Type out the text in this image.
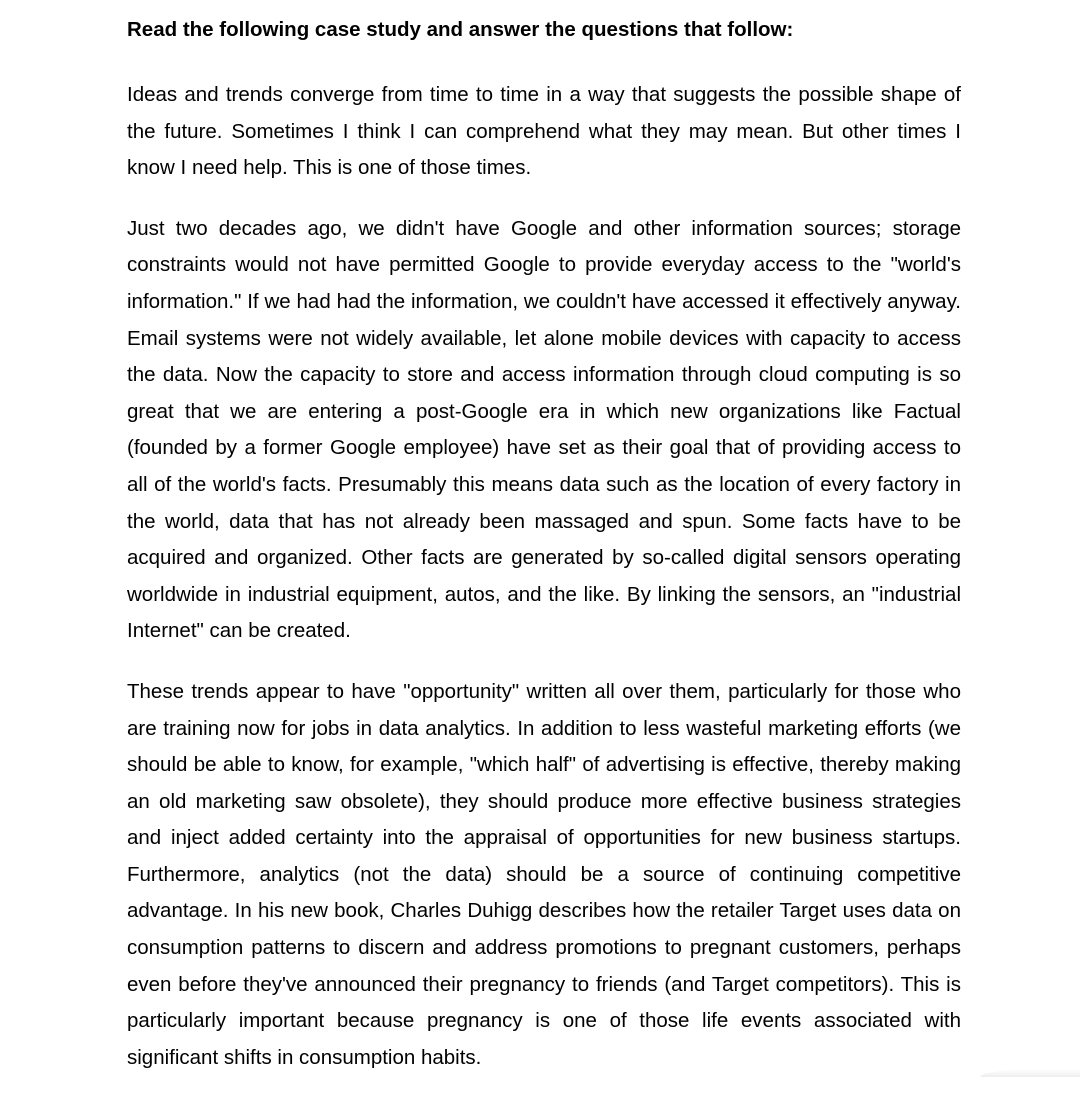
Read the following case study and answer the questions that follow:

Ideas and trends converge from time to time in a way that suggests the possible shape of the future. Sometimes I think I can comprehend what they may mean. But other times I know I need help. This is one of those times.

Just two decades ago, we didn't have Google and other information sources; storage constraints would not have permitted Google to provide everyday access to the "world's information." If we had had the information, we couldn't have accessed it effectively anyway. Email systems were not widely available, let alone mobile devices with capacity to access the data. Now the capacity to store and access information through cloud computing is so great that we are entering a post-Google era in which new organizations like Factual (founded by a former Google employee) have set as their goal that of providing access to all of the world's facts. Presumably this means data such as the location of every factory in the world, data that has not already been massaged and spun. Some facts have to be acquired and organized. Other facts are generated by so-called digital sensors operating worldwide in industrial equipment, autos, and the like. By linking the sensors, an "industrial Internet" can be created.

These trends appear to have "opportunity" written all over them, particularly for those who are training now for jobs in data analytics. In addition to less wasteful marketing efforts (we should be able to know, for example, "which half" of advertising is effective, thereby making an old marketing saw obsolete), they should produce more effective business strategies and inject added certainty into the appraisal of opportunities for new business startups. Furthermore, analytics (not the data) should be a source of continuing competitive advantage. In his new book, Charles Duhigg describes how the retailer Target uses data on consumption patterns to discern and address promotions to pregnant customers, perhaps even before they've announced their pregnancy to friends (and Target competitors). This is particularly important because pregnancy is one of those life events associated with significant shifts in consumption habits.
